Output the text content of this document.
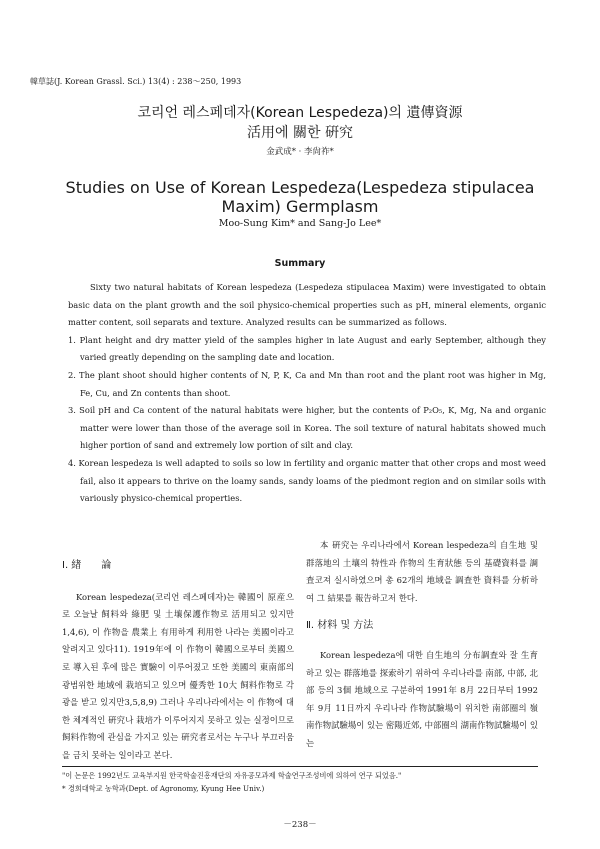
韓草誌(J. Korean Grassl. Sci.) 13(4) : 238～250, 1993
코리언 레스페데자(Korean Lespedeza)의 遺傳資源
活用에 關한 硏究
金武成* · 李尙祚*
Studies on Use of Korean Lespedeza(Lespedeza stipulacea
Maxim) Germplasm
Moo-Sung Kim* and Sang-Jo Lee*
Summary

Sixty two natural habitats of Korean lespedeza (Lespedeza stipulacea Maxim) were investigated to obtain basic data on the plant growth and the soil physico-chemical properties such as pH, mineral elements, organic matter content, soil separats and texture. Analyzed results can be summarized as follows.

1. Plant height and dry matter yield of the samples higher in late August and early September, although they varied greatly depending on the sampling date and location.

2. The plant shoot should higher contents of N, P, K, Ca and Mn than root and the plant root was higher in Mg, Fe, Cu, and Zn contents than shoot.

3. Soil pH and Ca content of the natural habitats were higher, but the contents of P₂O₅, K, Mg, Na and organic matter were lower than those of the average soil in Korea. The soil texture of natural habitats showed much higher portion of sand and extremely low portion of silt and clay.

4. Korean lespedeza is well adapted to soils so low in fertility and organic matter that other crops and most weed fail, also it appears to thrive on the loamy sands, sandy loams of the piedmont region and on similar soils with variously physico-chemical properties.

Ⅰ. 緖　　論

Korean lespedeza(코리언 레스페데자)는 韓國이 原産으로 오늘날 飼料와 綠肥 및 土壤保護作物로 活用되고 있지만1,4,6), 이 作物을 農業上 有用하게 利用한 나라는 美國이라고 알려지고 있다11). 1919年에 이 作物이 韓國으로부터 美國으로 導入된 후에 많은 實驗이 이루어졌고 또한 美國의 東南部의 광범위한 地域에 栽培되고 있으며 優秀한 10大 飼料作物로 각광을 받고 있지만3,5,8,9) 그러나 우리나라에서는 이 作物에 대한 체계적인 硏究나 栽培가 이루어지지 못하고 있는 실정이므로 飼料作物에 관심을 가지고 있는 硏究者로서는 누구나 부끄러움을 금치 못하는 일이라고 본다.

本 硏究는 우리나라에서 Korean lespedeza의 自生地 및 群落地의 土壤의 特性과 作物의 生育狀態 등의 基礎資料를 調査코져 실시하였으며 총 62개의 地域을 調査한 資料를 分析하여 그 結果를 報告하고저 한다.

Ⅱ. 材料 및 方法

Korean lespedeza에 대한 自生地의 分布調査와 잘 生育하고 있는 群落地를 探索하기 위하여 우리나라를 南部, 中部, 北部 등의 3個 地域으로 구분하여 1991年 8月 22日부터 1992年 9月 11日까지 우리나라 作物試驗場이 위치한 南部圈의 嶺南作物試驗場이 있는 密陽近郊, 中部圈의 湖南作物試驗場이 있는

"이 논문은 1992년도 교육부지원 한국학술진흥재단의 자유공모과제 학술연구조성비에 의하여 연구 되었음."
* 경희대학교 농학과(Dept. of Agronomy, Kyung Hee Univ.)
－238－
